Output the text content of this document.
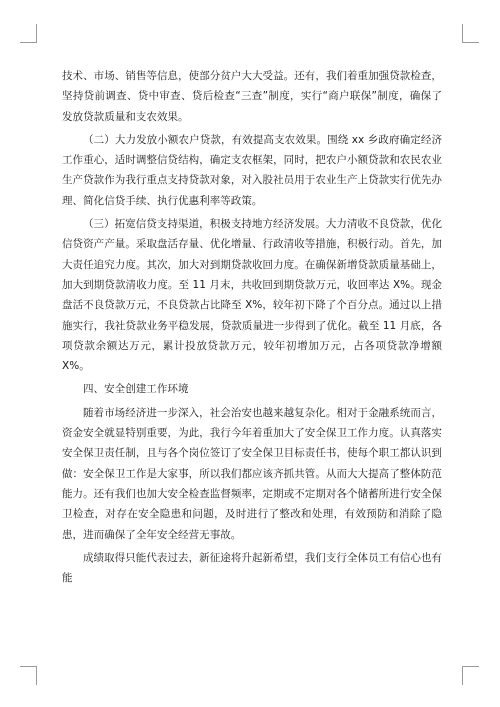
技术、市场、销售等信息，使部分贫户大大受益。还有，我们着重加强贷款检查，坚持贷前调查、贷中审查、贷后检查“三查”制度，实行“商户联保”制度，确保了发放贷款质量和支农效果。

（二）大力发放小额农户贷款，有效提高支农效果。围绕 xx 乡政府确定经济工作重心，适时调整信贷结构，确定支农框架，同时，把农户小额贷款和农民农业生产贷款作为我行重点支持贷款对象，对入股社员用于农业生产上贷款实行优先办理、简化信贷手续、执行优惠利率等政策。

（三）拓宽信贷支持渠道，积极支持地方经济发展。大力清收不良贷款，优化信贷资产产量。采取盘活存量、优化增量、行政清收等措施，积极行动。首先，加大责任追究力度。其次，加大对到期贷款收回力度。在确保新增贷款质量基础上，加大到期贷款清收力度。至 11 月末，共收回到期贷款万元，收回率达 X%。现金盘活不良贷款万元，不良贷款占比降至 X%，较年初下降了个百分点。通过以上措施实行，我社贷款业务平稳发展，贷款质量进一步得到了优化。截至 11 月底，各项贷款余额达万元，累计投放贷款万元，较年初增加万元，占各项贷款净增额 X%。

四、安全创建工作环境

随着市场经济进一步深入，社会治安也越来越复杂化。相对于金融系统而言，资金安全就显特别重要，为此，我行今年着重加大了安全保卫工作力度。认真落实安全保卫责任制，且与各个岗位签订了安全保卫目标责任书，使每个职工都认识到做：安全保卫工作是大家事，所以我们都应该齐抓共管。从而大大提高了整体防范能力。还有我们也加大安全检查监督频率，定期或不定期对各个储蓄所进行安全保卫检查，对存在安全隐患和问题，及时进行了整改和处理，有效预防和消除了隐患，进而确保了全年安全经营无事故。

成绩取得只能代表过去，新征途将升起新希望，我们支行全体员工有信心也有能
